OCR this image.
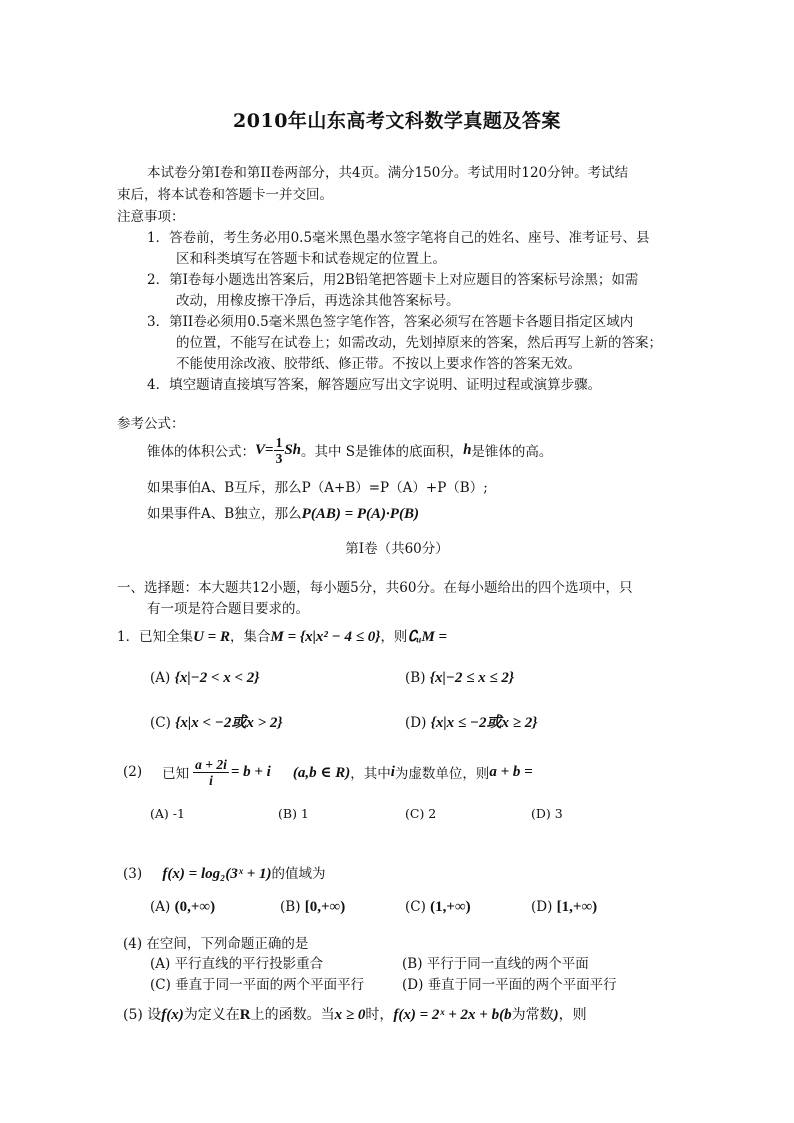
2010年山东高考文科数学真题及答案
本试卷分第I卷和第II卷两部分，共4页。满分150分。考试用时120分钟。考试结
束后，将本试卷和答题卡一并交回。
注意事项：
1．答卷前，考生务必用0.5毫米黑色墨水签字笔将自己的姓名、座号、准考证号、县
区和科类填写在答题卡和试卷规定的位置上。
2．第I卷每小题选出答案后，用2B铅笔把答题卡上对应题目的答案标号涂黑；如需
改动，用橡皮擦干净后，再选涂其他答案标号。
3．第II卷必须用0.5毫米黑色签字笔作答，答案必须写在答题卡各题目指定区域内
的位置，不能写在试卷上；如需改动，先划掉原来的答案，然后再写上新的答案；
不能使用涂改液、胶带纸、修正带。不按以上要求作答的答案无效。
4．填空题请直接填写答案，解答题应写出文字说明、证明过程或演算步骤。
参考公式：
锥体的体积公式： $V = \frac{1}{3}$ Sh 。其中 S是锥体的底面积， h 是锥体的高。
如果事伯A、B互斥，那么P（A+B）=P（A）+P（B）;
如果事件A、B独立，那么P(AB) = P(A)·P(B)
第I卷（共60分）
一、选择题：本大题共12小题，每小题5分，共60分。在每小题给出的四个选项中，只
有一项是符合题目要求的。
1．已知全集U = R，集合M = {x|x² − 4 ≤ 0}，则∁ᵤM =
(A) {x|−2 < x < 2}	(B) {x|−2 ≤ x ≤ 2}
(C) {x|x < −2或x > 2}	(D) {x|x ≤ −2或x ≥ 2}
(2) 已知 $\frac{a + 2i}{i} = b + i$ (a,b ∈ R) ，其中 i 为虚数单位，则 a + b =
(A) -1	(B) 1	(C) 2	(D) 3
(3) f(x) = log₂(3ˣ + 1)的值域为
(A) (0,+∞)	(B) [0,+∞)	(C) (1,+∞)	(D) [1,+∞)
(4) 在空间，下列命题正确的是
(A) 平行直线的平行投影重合	(B) 平行于同一直线的两个平面
(C) 垂直于同一平面的两个平面平行	(D) 垂直于同一平面的两个平面平行
(5) 设f(x)为定义在R上的函数。当x ≥ 0时，f(x) = 2ˣ + 2x + b(b为常数)，则
